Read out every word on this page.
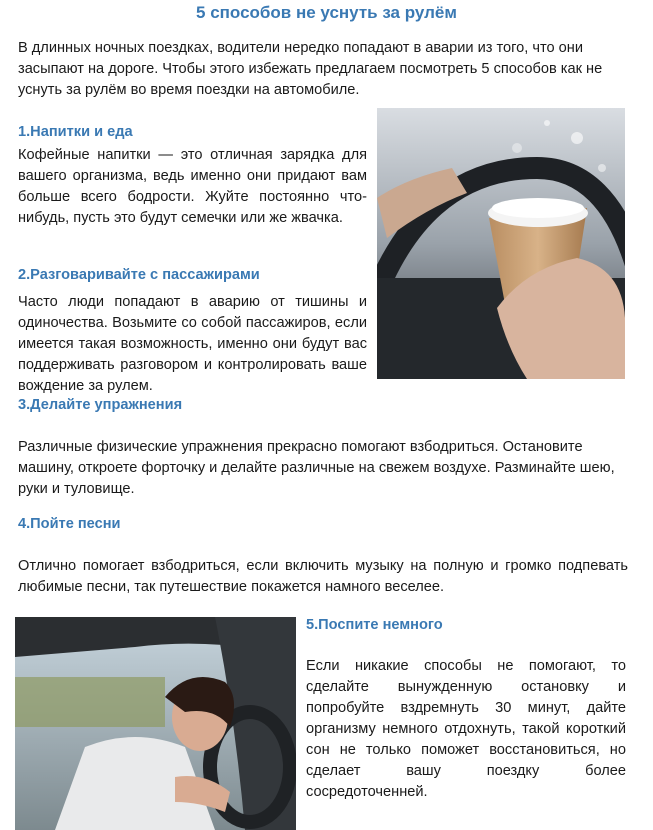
5 способов не уснуть за рулём
В длинных ночных поездках, водители нередко попадают в аварии из того, что они засыпают на дороге. Чтобы этого избежать предлагаем посмотреть 5 способов как не уснуть за рулём во время поездки на автомобиле.
1.Напитки и еда
Кофейные напитки — это отличная зарядка для вашего организма, ведь именно они придают вам больше всего бодрости. Жуйте постоянно что-нибудь, пусть это будут семечки или же жвачка.
2.Разговаривайте с пассажирами
Часто люди попадают в аварию от тишины и одиночества. Возьмите со собой пассажиров, если имеется такая возможность, именно они будут вас поддерживать разговором и контролировать ваше вождение за рулем.
3.Делайте упражнения
Различные физические упражнения прекрасно помогают взбодриться. Остановите машину, откроете форточку и делайте различные на свежем воздухе. Разминайте шею, руки и туловище.
4.Пойте песни
Отлично помогает взбодриться, если включить музыку на полную и громко подпевать любимые песни, так путешествие покажется намного веселее.
5.Поспите немного
Если никакие способы не помогают, то сделайте вынужденную остановку и попробуйте вздремнуть 30 минут, дайте организму немного отдохнуть, такой короткий сон не только поможет восстановиться, но сделает вашу поездку более сосредоточенней.
